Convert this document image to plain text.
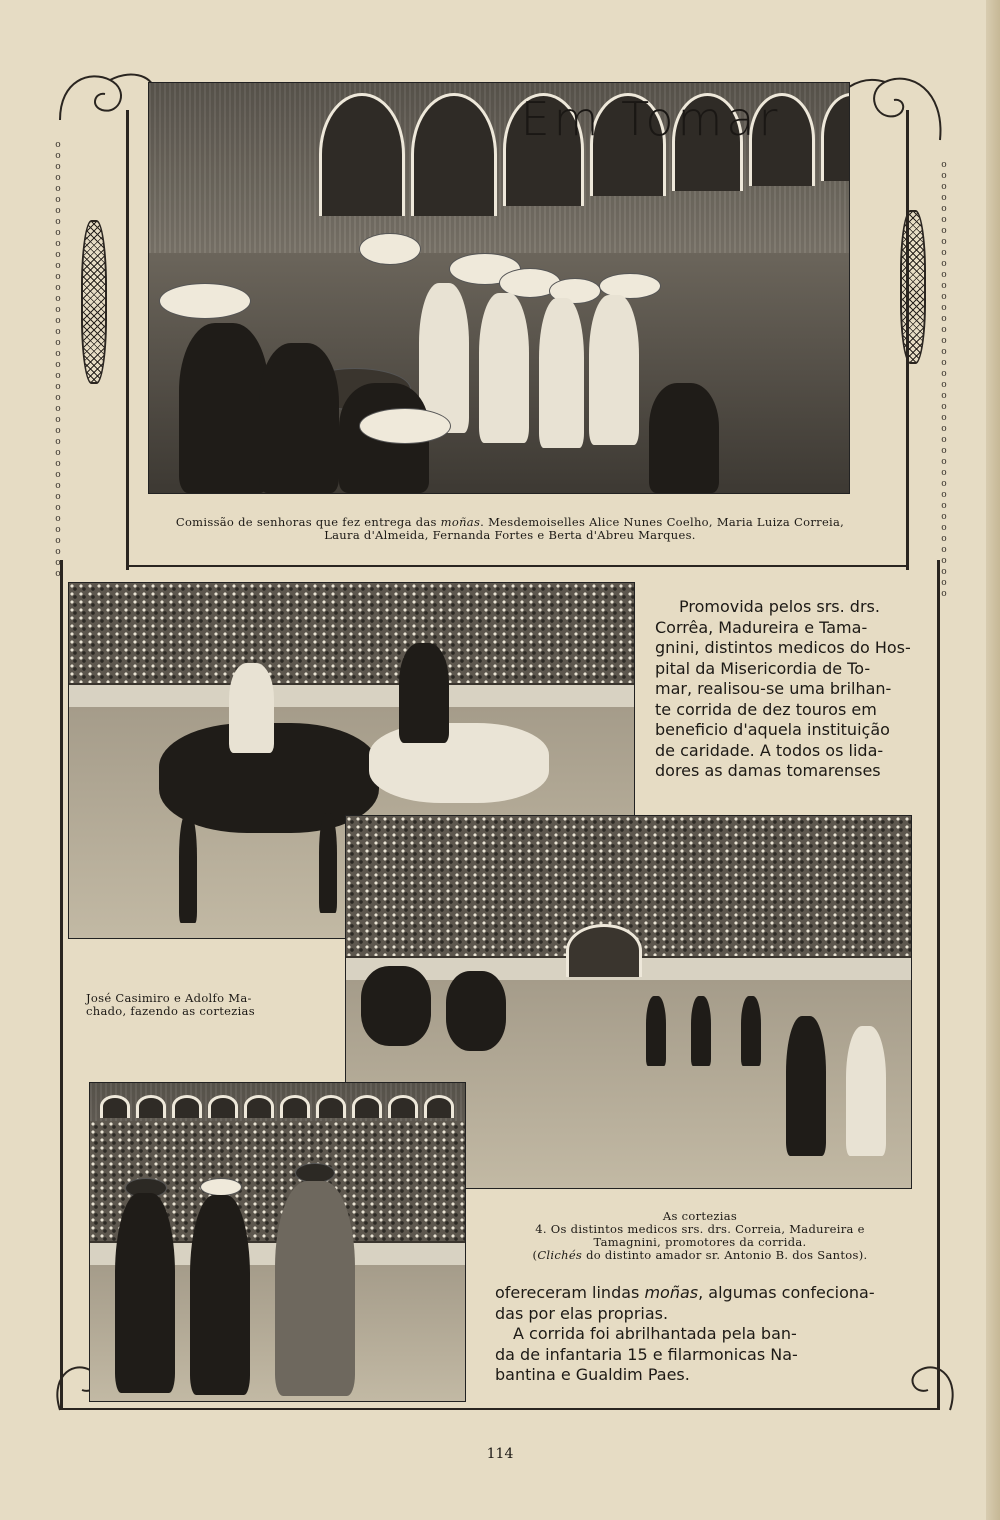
oooooooooooooooooooooooooooooooooooooooo
oooooooooooooooooooooooooooooooooooooooo
Em Tomar
Comissão de senhoras que fez entrega das moñas. Mesdemoiselles Alice Nunes Coelho, Maria Luiza Correia,
Laura d'Almeida, Fernanda Fortes e Berta d'Abreu Marques.
Promovida pelos srs. drs.
Corrêa, Madureira e Tama-
gnini, distintos medicos do Hos-
pital da Misericordia de To-
mar, realisou-se uma brilhan-
te corrida de dez touros em
beneficio d'aquela instituição
de caridade. A todos os lida-
dores as damas tomarenses
José Casimiro e Adolfo Ma-
chado, fazendo as cortezias
As cortezias
4. Os distintos medicos srs. drs. Correia, Madureira e
Tamagnini, promotores da corrida.
(Clichés do distinto amador sr. Antonio B. dos Santos).
ofereceram lindas moñas, algumas confeciona-
das por elas proprias.
A corrida foi abrilhantada pela ban-
da de infantaria 15 e filarmonicas Na-
bantina e Gualdim Paes.
114
